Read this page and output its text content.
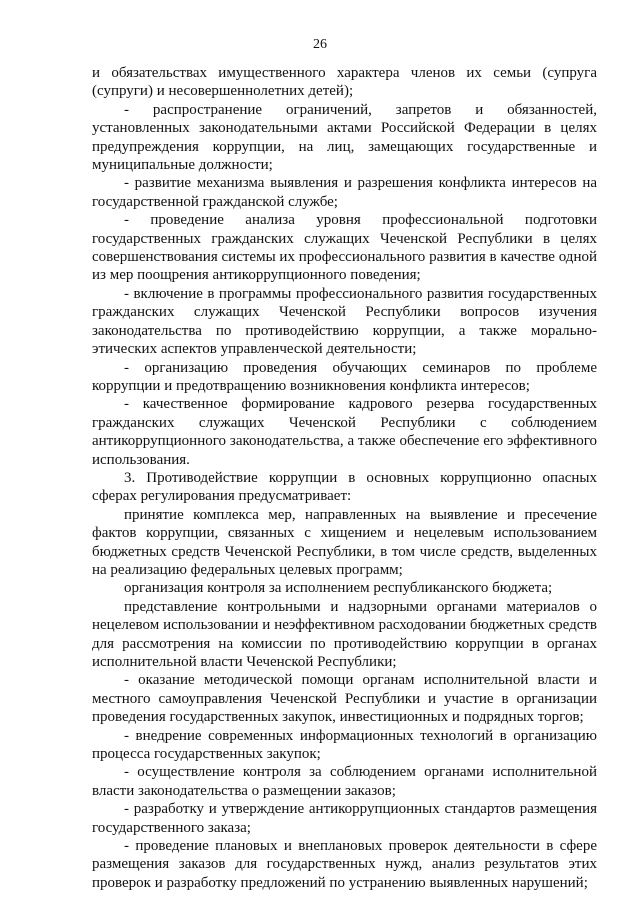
26

и обязательствах имущественного характера членов их семьи (супруга (супруги) и несовершеннолетних детей);

- распространение ограничений, запретов и обязанностей, установленных законодательными актами Российской Федерации в целях предупреждения коррупции, на лиц, замещающих государственные и муниципальные должности;

- развитие механизма выявления и разрешения конфликта интересов на государственной гражданской службе;

- проведение анализа уровня профессиональной подготовки государственных гражданских служащих Чеченской Республики в целях совершенствования системы их профессионального развития в качестве одной из мер поощрения антикоррупционного поведения;

- включение в программы профессионального развития государственных гражданских служащих Чеченской Республики вопросов изучения законодательства по противодействию коррупции, а также морально-этических аспектов управленческой деятельности;

- организацию проведения обучающих семинаров по проблеме коррупции и предотвращению возникновения конфликта интересов;

- качественное формирование кадрового резерва государственных гражданских служащих Чеченской Республики с соблюдением антикоррупционного законодательства, а также обеспечение его эффективного использования.

3. Противодействие коррупции в основных коррупционно опасных сферах регулирования предусматривает:

принятие комплекса мер, направленных на выявление и пресечение фактов коррупции, связанных с хищением и нецелевым использованием бюджетных средств Чеченской Республики, в том числе средств, выделенных на реализацию федеральных целевых программ;

организация контроля за исполнением республиканского бюджета;

представление контрольными и надзорными органами материалов о нецелевом использовании и неэффективном расходовании бюджетных средств для рассмотрения на комиссии по противодействию коррупции в органах исполнительной власти Чеченской Республики;

- оказание методической помощи органам исполнительной власти и местного самоуправления Чеченской Республики и участие в организации проведения государственных закупок, инвестиционных и подрядных торгов;

- внедрение современных информационных технологий в организацию процесса государственных закупок;

- осуществление контроля за соблюдением органами исполнительной власти законодательства о размещении заказов;

- разработку и утверждение антикоррупционных стандартов размещения государственного заказа;

- проведение плановых и внеплановых проверок деятельности в сфере размещения заказов для государственных нужд, анализ результатов этих проверок и разработку предложений по устранению выявленных нарушений;
